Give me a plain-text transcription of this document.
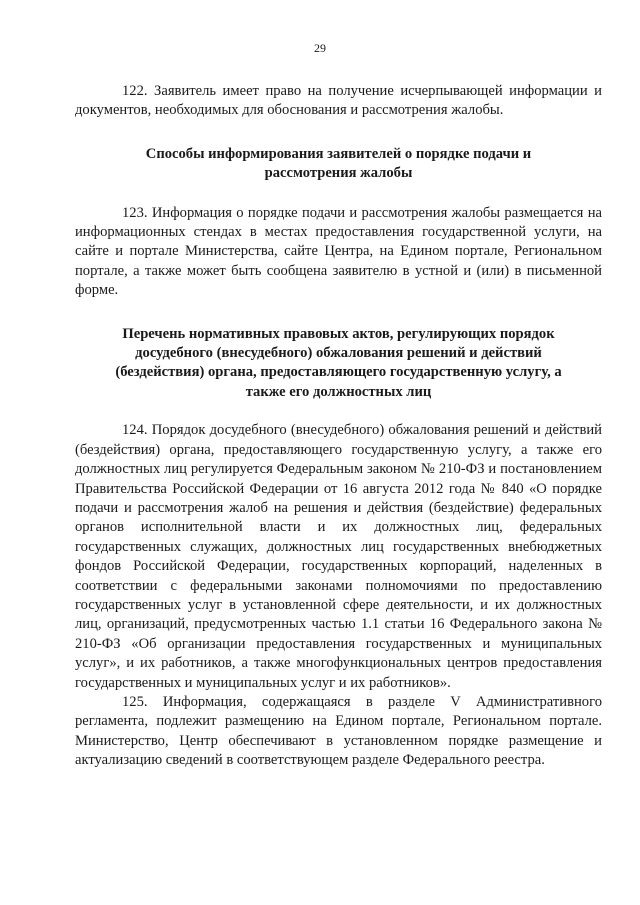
29

122. Заявитель имеет право на получение исчерпывающей информации и документов, необходимых для обоснования и рассмотрения жалобы.

Способы информирования заявителей о порядке подачи и рассмотрения жалобы

123. Информация о порядке подачи и рассмотрения жалобы размещается на информационных стендах в местах предоставления государственной услуги, на сайте и портале Министерства, сайте Центра, на Едином портале, Региональном портале, а также может быть сообщена заявителю в устной и (или) в письменной форме.

Перечень нормативных правовых актов, регулирующих порядок досудебного (внесудебного) обжалования решений и действий (бездействия) органа, предоставляющего государственную услугу, а также его должностных лиц

124. Порядок досудебного (внесудебного) обжалования решений и действий (бездействия) органа, предоставляющего государственную услугу, а также его должностных лиц регулируется Федеральным законом № 210-ФЗ и постановлением Правительства Российской Федерации от 16 августа 2012 года № 840 «О порядке подачи и рассмотрения жалоб на решения и действия (бездействие) федеральных органов исполнительной власти и их должностных лиц, федеральных государственных служащих, должностных лиц государственных внебюджетных фондов Российской Федерации, государственных корпораций, наделенных в соответствии с федеральными законами полномочиями по предоставлению государственных услуг в установленной сфере деятельности, и их должностных лиц, организаций, предусмотренных частью 1.1 статьи 16 Федерального закона № 210-ФЗ «Об организации предоставления государственных и муниципальных услуг», и их работников, а также многофункциональных центров предоставления государственных и муниципальных услуг и их работников».

125. Информация, содержащаяся в разделе V Административного регламента, подлежит размещению на Едином портале, Региональном портале. Министерство, Центр обеспечивают в установленном порядке размещение и актуализацию сведений в соответствующем разделе Федерального реестра.
